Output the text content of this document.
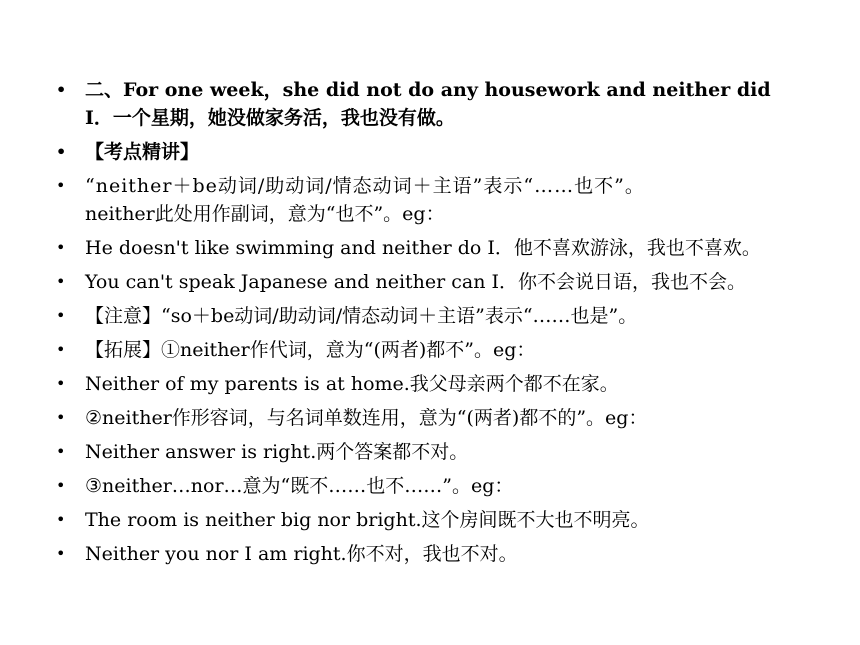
• 二、For one week，she did not do any housework and neither did
I．一个星期，她没做家务活，我也没有做。
• 【考点精讲】
• “neither＋be动词/助动词/情态动词＋主语”表示“……也不”。
neither此处用作副词，意为“也不”。eg：
• He doesn't like swimming and neither do I．他不喜欢游泳，我也不喜欢。
• You can't speak Japanese and neither can I．你不会说日语，我也不会。
• 【注意】“so＋be动词/助动词/情态动词＋主语”表示“……也是”。
• 【拓展】①neither作代词，意为“(两者)都不”。eg：
• Neither of my parents is at home.我父母亲两个都不在家。
• ②neither作形容词，与名词单数连用，意为“(两者)都不的”。eg：
• Neither answer is right.两个答案都不对。
• ③neither…nor…意为“既不……也不……”。eg：
• The room is neither big nor bright.这个房间既不大也不明亮。
• Neither you nor I am right.你不对，我也不对。
